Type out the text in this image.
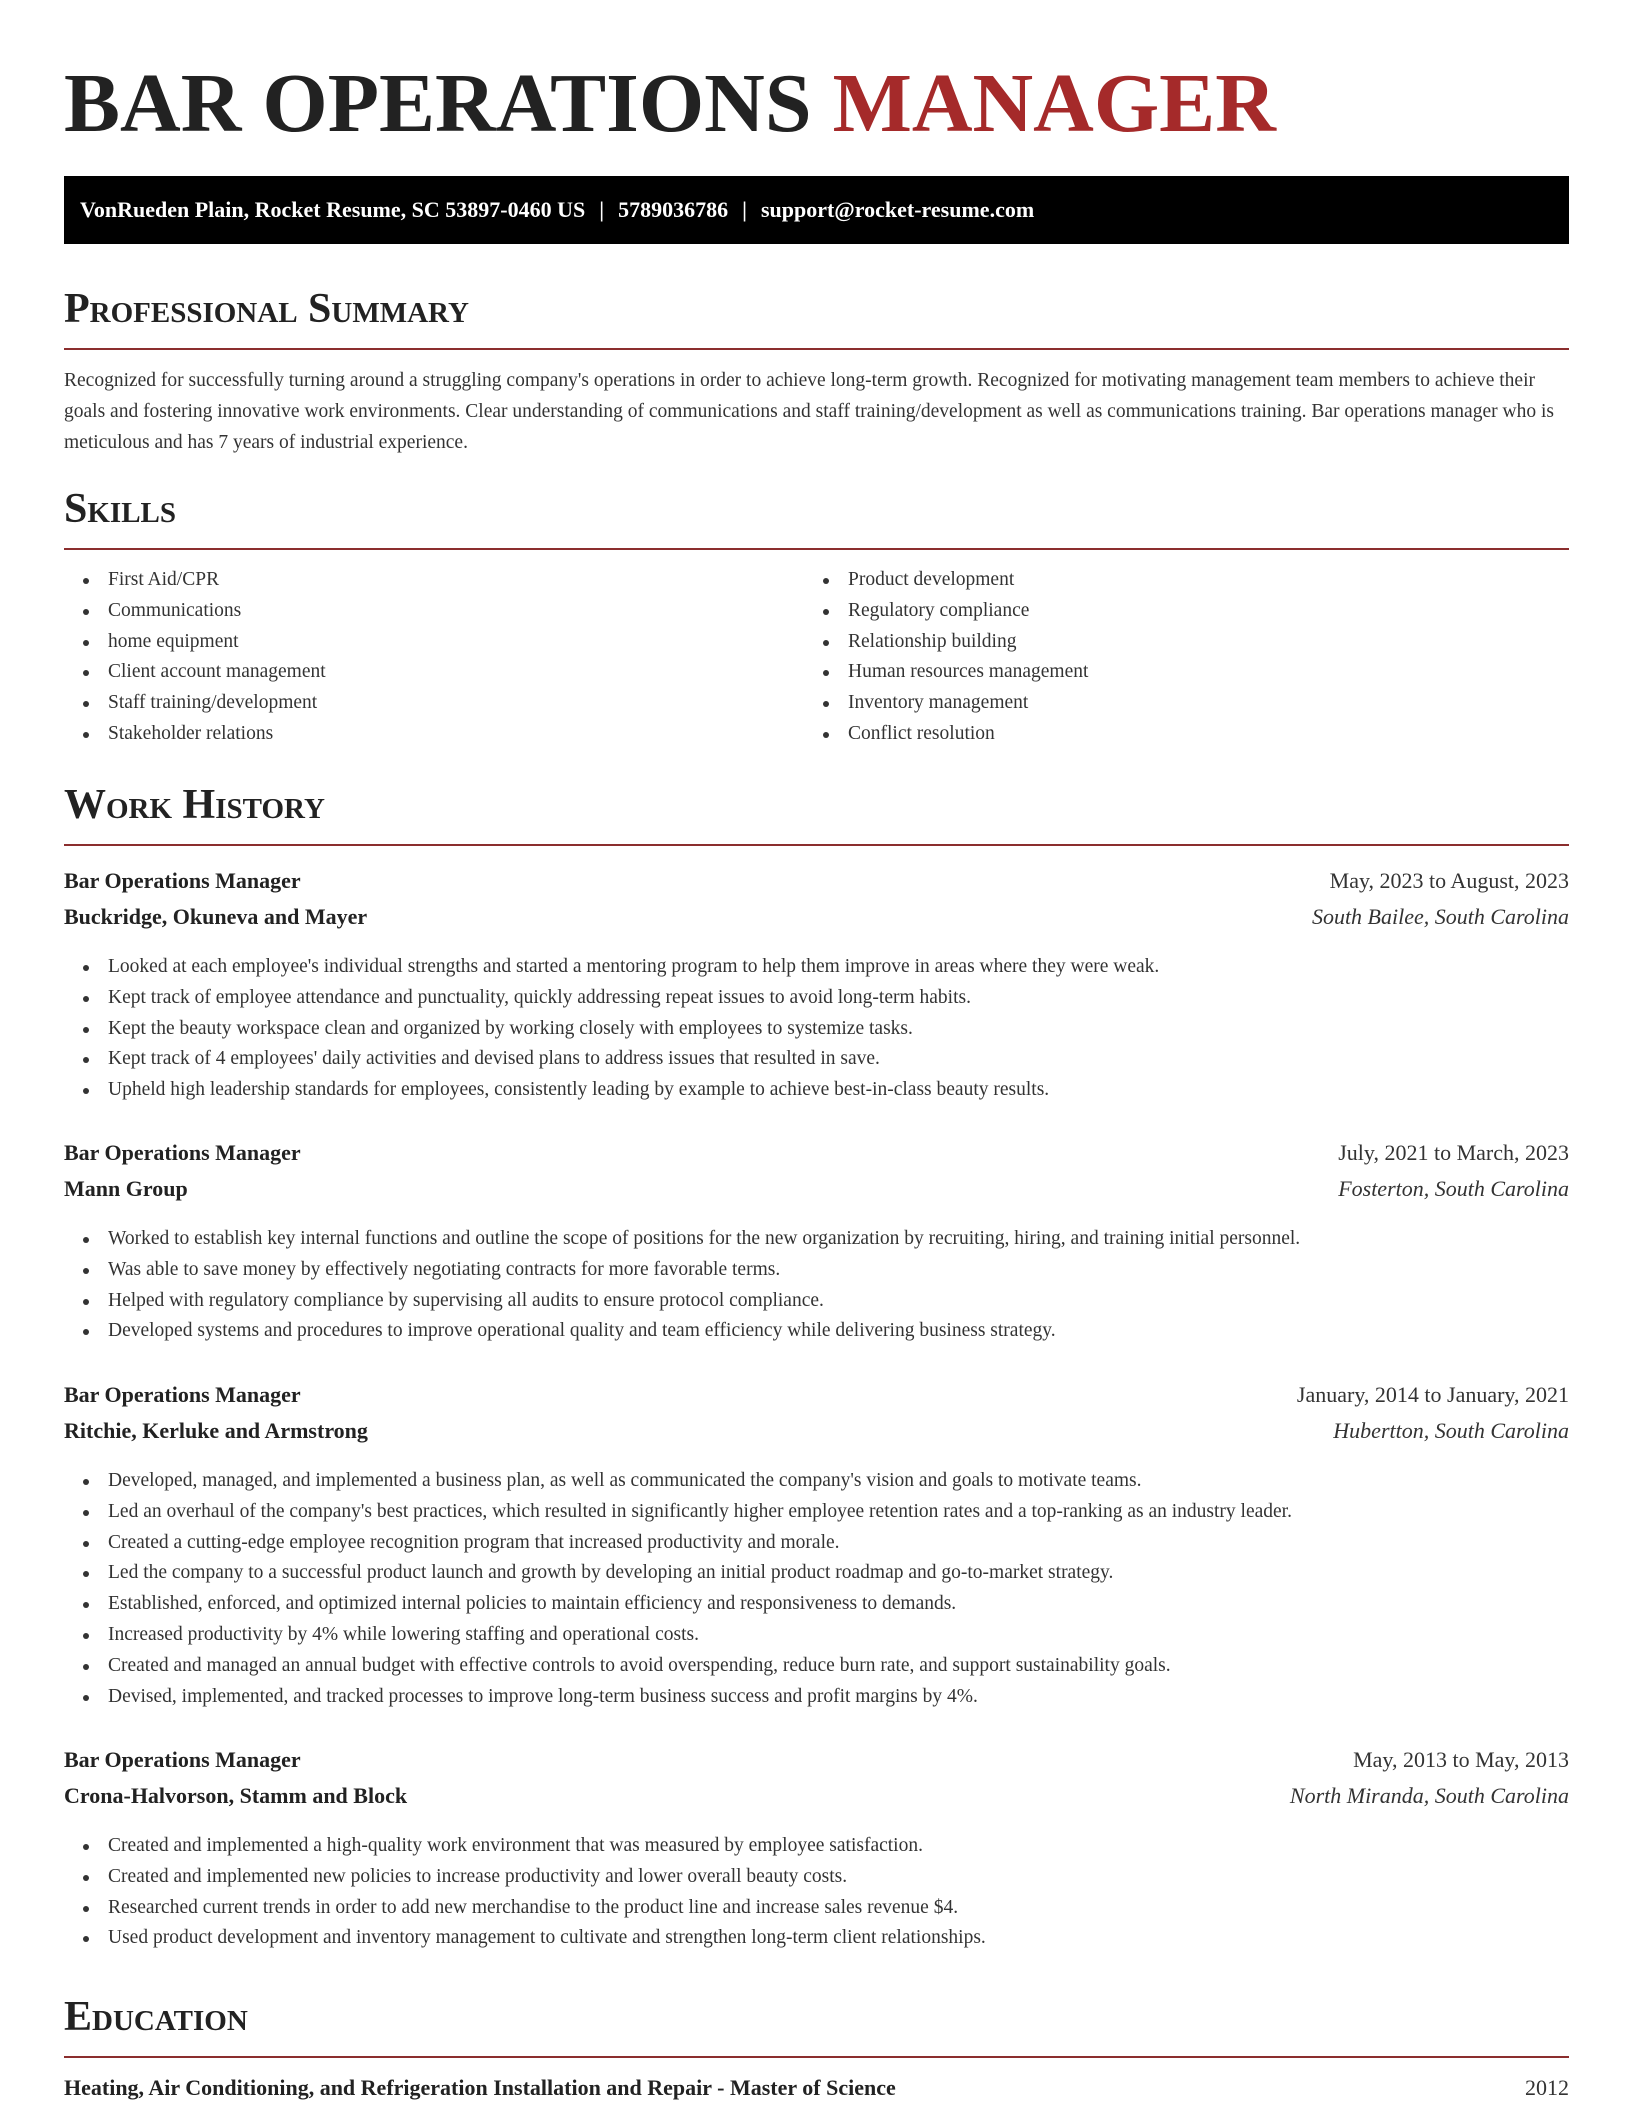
BAR OPERATIONS MANAGER
VonRueden Plain, Rocket Resume, SC 53897-0460 US | 5789036786 | support@rocket-resume.com
Professional Summary
Recognized for successfully turning around a struggling company's operations in order to achieve long-term growth. Recognized for motivating management team members to achieve their goals and fostering innovative work environments. Clear understanding of communications and staff training/development as well as communications training. Bar operations manager who is meticulous and has 7 years of industrial experience.
Skills
First Aid/CPR
Communications
home equipment
Client account management
Staff training/development
Stakeholder relations
Product development
Regulatory compliance
Relationship building
Human resources management
Inventory management
Conflict resolution
Work History
Bar Operations Manager	May, 2023 to August, 2023
Buckridge, Okuneva and Mayer	South Bailee, South Carolina
Looked at each employee's individual strengths and started a mentoring program to help them improve in areas where they were weak.
Kept track of employee attendance and punctuality, quickly addressing repeat issues to avoid long-term habits.
Kept the beauty workspace clean and organized by working closely with employees to systemize tasks.
Kept track of 4 employees' daily activities and devised plans to address issues that resulted in save.
Upheld high leadership standards for employees, consistently leading by example to achieve best-in-class beauty results.
Bar Operations Manager	July, 2021 to March, 2023
Mann Group	Fosterton, South Carolina
Worked to establish key internal functions and outline the scope of positions for the new organization by recruiting, hiring, and training initial personnel.
Was able to save money by effectively negotiating contracts for more favorable terms.
Helped with regulatory compliance by supervising all audits to ensure protocol compliance.
Developed systems and procedures to improve operational quality and team efficiency while delivering business strategy.
Bar Operations Manager	January, 2014 to January, 2021
Ritchie, Kerluke and Armstrong	Hubertton, South Carolina
Developed, managed, and implemented a business plan, as well as communicated the company's vision and goals to motivate teams.
Led an overhaul of the company's best practices, which resulted in significantly higher employee retention rates and a top-ranking as an industry leader.
Created a cutting-edge employee recognition program that increased productivity and morale.
Led the company to a successful product launch and growth by developing an initial product roadmap and go-to-market strategy.
Established, enforced, and optimized internal policies to maintain efficiency and responsiveness to demands.
Increased productivity by 4% while lowering staffing and operational costs.
Created and managed an annual budget with effective controls to avoid overspending, reduce burn rate, and support sustainability goals.
Devised, implemented, and tracked processes to improve long-term business success and profit margins by 4%.
Bar Operations Manager	May, 2013 to May, 2013
Crona-Halvorson, Stamm and Block	North Miranda, South Carolina
Created and implemented a high-quality work environment that was measured by employee satisfaction.
Created and implemented new policies to increase productivity and lower overall beauty costs.
Researched current trends in order to add new merchandise to the product line and increase sales revenue $4.
Used product development and inventory management to cultivate and strengthen long-term client relationships.
Education
Heating, Air Conditioning, and Refrigeration Installation and Repair - Master of Science	2012
